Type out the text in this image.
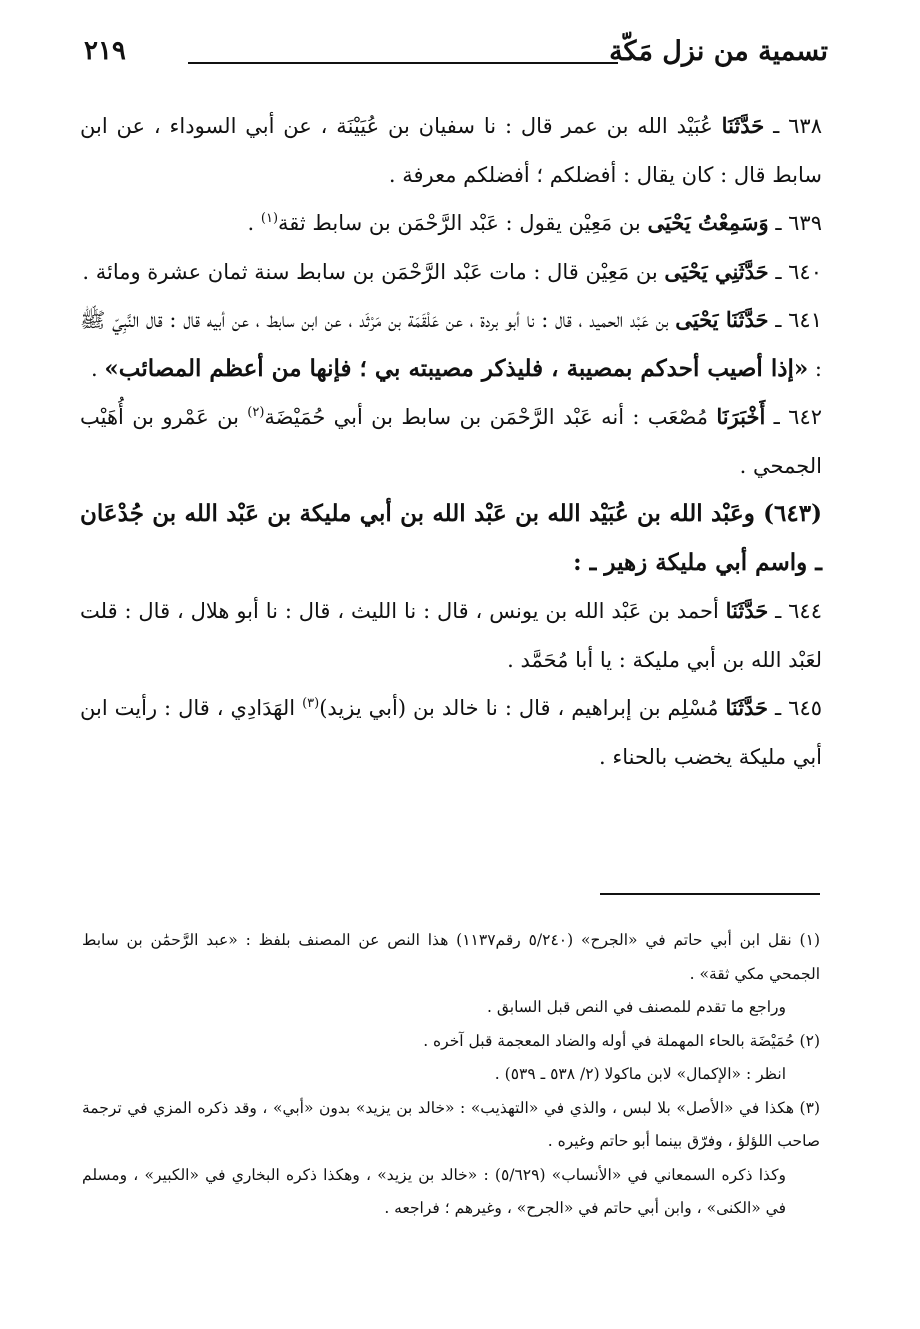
تسمية من نزل مَكّة
٢١٩

٦٣٨ ـ حَدَّثَنَا عُبَيْد الله بن عمر قال : نا سفيان بن عُيَيْنَة ، عن أبي السوداء ، عن ابن سابط قال : كان يقال : أفضلكم ؛ أفضلكم معرفة .

٦٣٩ ـ وَسَمِعْتُ يَحْيَى بن مَعِيْن يقول : عَبْد الرَّحْمَن بن سابط ثقة$^{(١)}$ .

٦٤٠ ـ حَدَّثَنِي يَحْيَى بن مَعِيْن قال : مات عَبْد الرَّحْمَن بن سابط سنة ثمان عشرة ومائة .

٦٤١ ـ حَدَّثَنَا يَحْيَى بن عَبْد الحميد ، قال : نا أبو بردة ، عن عَلْقَمَة بن مَرْثَد ، عن ابن سابط ، عن أبيه قال : قال النَّبِيّ ﷺ : «إذا أصيب أحدكم بمصيبة ، فليذكر مصيبته بي ؛ فإنها من أعظم المصائب» .

٦٤٢ ـ أَخْبَرَنَا مُصْعَب : أنه عَبْد الرَّحْمَن بن سابط بن أبي حُمَيْضَة$^{(٢)}$ بن عَمْرو بن أُهَيْب الجمحي .

(٦٤٣) وعَبْد الله بن عُبَيْد الله بن عَبْد الله بن أبي مليكة بن عَبْد الله بن جُدْعَان ـ واسم أبي مليكة زهير ـ :

٦٤٤ ـ حَدَّثَنَا أحمد بن عَبْد الله بن يونس ، قال : نا الليث ، قال : نا أبو هلال ، قال : قلت لعَبْد الله بن أبي مليكة : يا أبا مُحَمَّد .

٦٤٥ ـ حَدَّثَنَا مُسْلِم بن إبراهيم ، قال : نا خالد بن (أبي يزيد)$^{(٣)}$ الهَدَادِي ، قال : رأيت ابن أبي مليكة يخضب بالحناء .

(١) نقل ابن أبي حاتم في «الجرح» (٥/٢٤٠ رقم١١٣٧) هذا النص عن المصنف بلفظ : «عبد الرَّحمَٰن بن سابط الجمحي مكي ثقة» .

وراجع ما تقدم للمصنف في النص قبل السابق .

(٢) حُمَيْضَة بالحاء المهملة في أوله والضاد المعجمة قبل آخره .

انظر : «الإكمال» لابن ماكولا (٢/ ٥٣٨ ـ ٥٣٩) .

(٣) هكذا في «الأصل» بلا لبس ، والذي في «التهذيب» : «خالد بن يزيد» بدون «أبي» ، وقد ذكره المزي في ترجمة صاحب اللؤلؤ ، وفرّق بينما أبو حاتم وغيره .

وكذا ذكره السمعاني في «الأنساب» (٥/٦٢٩) : «خالد بن يزيد» ، وهكذا ذكره البخاري في «الكبير» ، ومسلم في «الكنى» ، وابن أبي حاتم في «الجرح» ، وغيرهم ؛ فراجعه .
